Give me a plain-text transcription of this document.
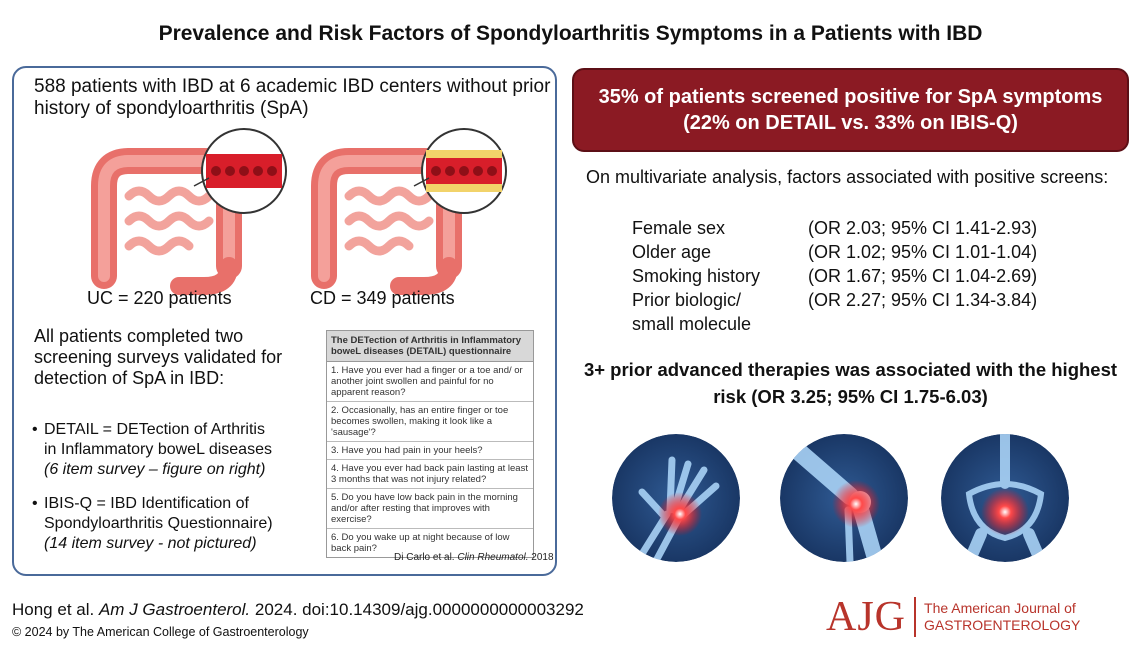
Prevalence and Risk Factors of Spondyloarthritis Symptoms in a Patients with IBD
588 patients with IBD at 6 academic IBD centers without prior history of spondyloarthritis (SpA)
UC = 220 patients	CD = 349 patients
All patients completed two screening surveys validated for detection of SpA in IBD:
• DETAIL = DETection of Arthritis
in Inflammatory boweL diseases
(6 item survey – figure on right)
• IBIS-Q = IBD Identification of
Spondyloarthritis Questionnaire)
(14 item survey - not pictured)
The DETection of Arthritis in Inflammatory boweL diseases (DETAIL) questionnaire
1. Have you ever had a finger or a toe and/ or another joint swollen and painful for no apparent reason?
2. Occasionally, has an entire finger or toe becomes swollen, making it look like a 'sausage'?
3. Have you had pain in your heels?
4. Have you ever had back pain lasting at least 3 months that was not injury related?
5. Do you have low back pain in the morning and/or after resting that improves with exercise?
6. Do you wake up at night because of low back pain?
Di Carlo et al. Clin Rheumatol. 2018
35% of patients screened positive for SpA symptoms (22% on DETAIL vs. 33% on IBIS-Q)
On multivariate analysis, factors associated with positive screens:
Female sex	(OR 2.03; 95% CI 1.41-2.93)
Older age	(OR 1.02; 95% CI 1.01-1.04)
Smoking history	(OR 1.67; 95% CI 1.04-2.69)
Prior biologic/	(OR 2.27; 95% CI 1.34-3.84)
small molecule
3+ prior advanced therapies was associated with the highest risk (OR 3.25; 95% CI 1.75-6.03)
Hong et al. Am J Gastroenterol. 2024. doi:10.14309/ajg.0000000000003292
© 2024 by The American College of Gastroenterology	AJG The American Journal of
GASTROENTEROLOGY
